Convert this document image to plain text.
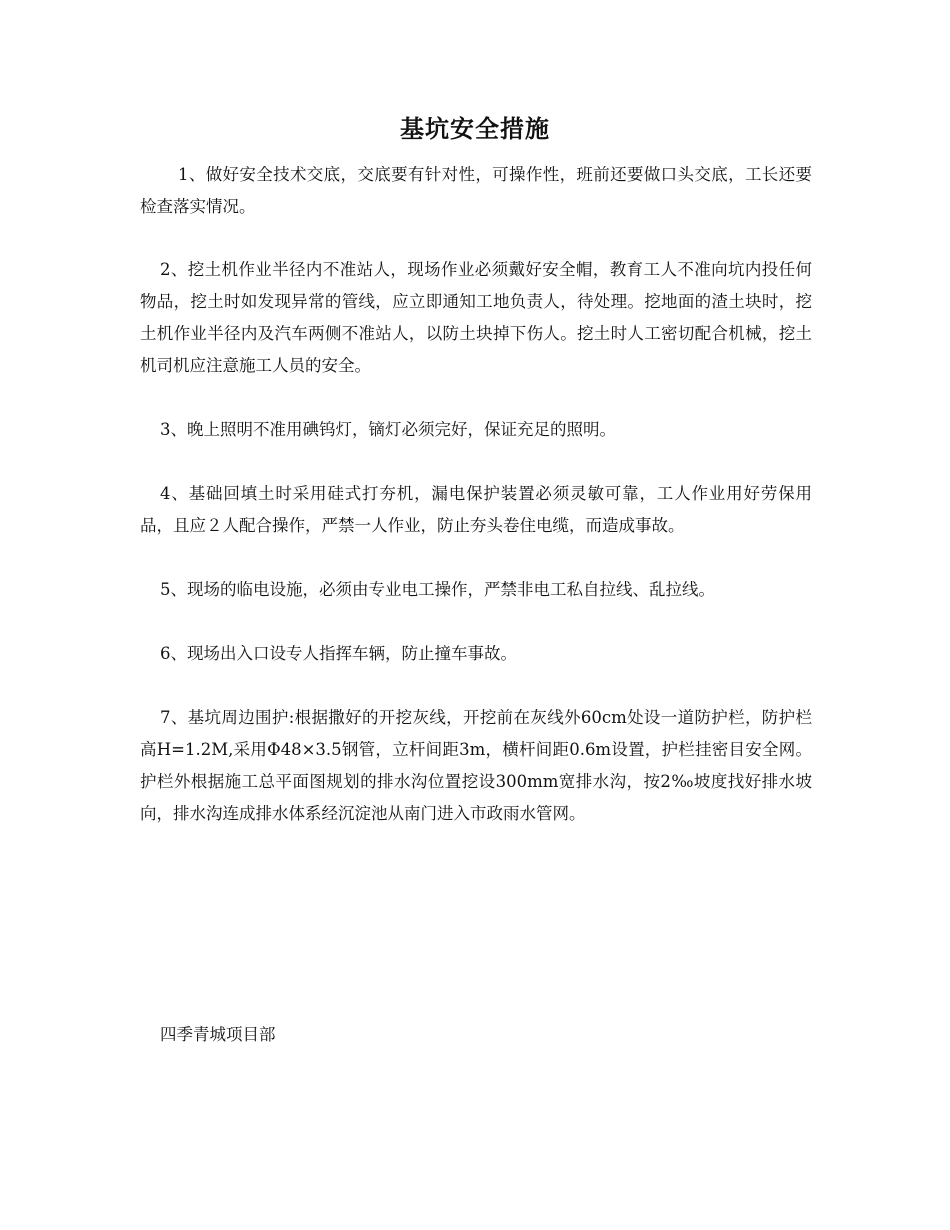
基坑安全措施

1、做好安全技术交底，交底要有针对性，可操作性，班前还要做口头交底，工长还要检查落实情况。

2、挖土机作业半径内不准站人，现场作业必须戴好安全帽，教育工人不准向坑内投任何物品，挖土时如发现异常的管线，应立即通知工地负责人，待处理。挖地面的渣土块时，挖土机作业半径内及汽车两侧不准站人，以防土块掉下伤人。挖土时人工密切配合机械，挖土机司机应注意施工人员的安全。

3、晚上照明不准用碘钨灯，镝灯必须完好，保证充足的照明。

4、基础回填土时采用硅式打夯机，漏电保护装置必须灵敏可靠，工人作业用好劳保用品，且应２人配合操作，严禁一人作业，防止夯头卷住电缆，而造成事故。

5、现场的临电设施，必须由专业电工操作，严禁非电工私自拉线、乱拉线。

6、现场出入口设专人指挥车辆，防止撞车事故。

7、基坑周边围护:根据撒好的开挖灰线，开挖前在灰线外60cm处设一道防护栏，防护栏高H=1.2M,采用Φ48×3.5钢管，立杆间距3m，横杆间距0.6m设置，护栏挂密目安全网。护栏外根据施工总平面图规划的排水沟位置挖设300mm宽排水沟，按2‰坡度找好排水坡向，排水沟连成排水体系经沉淀池从南门进入市政雨水管网。

四季青城项目部
